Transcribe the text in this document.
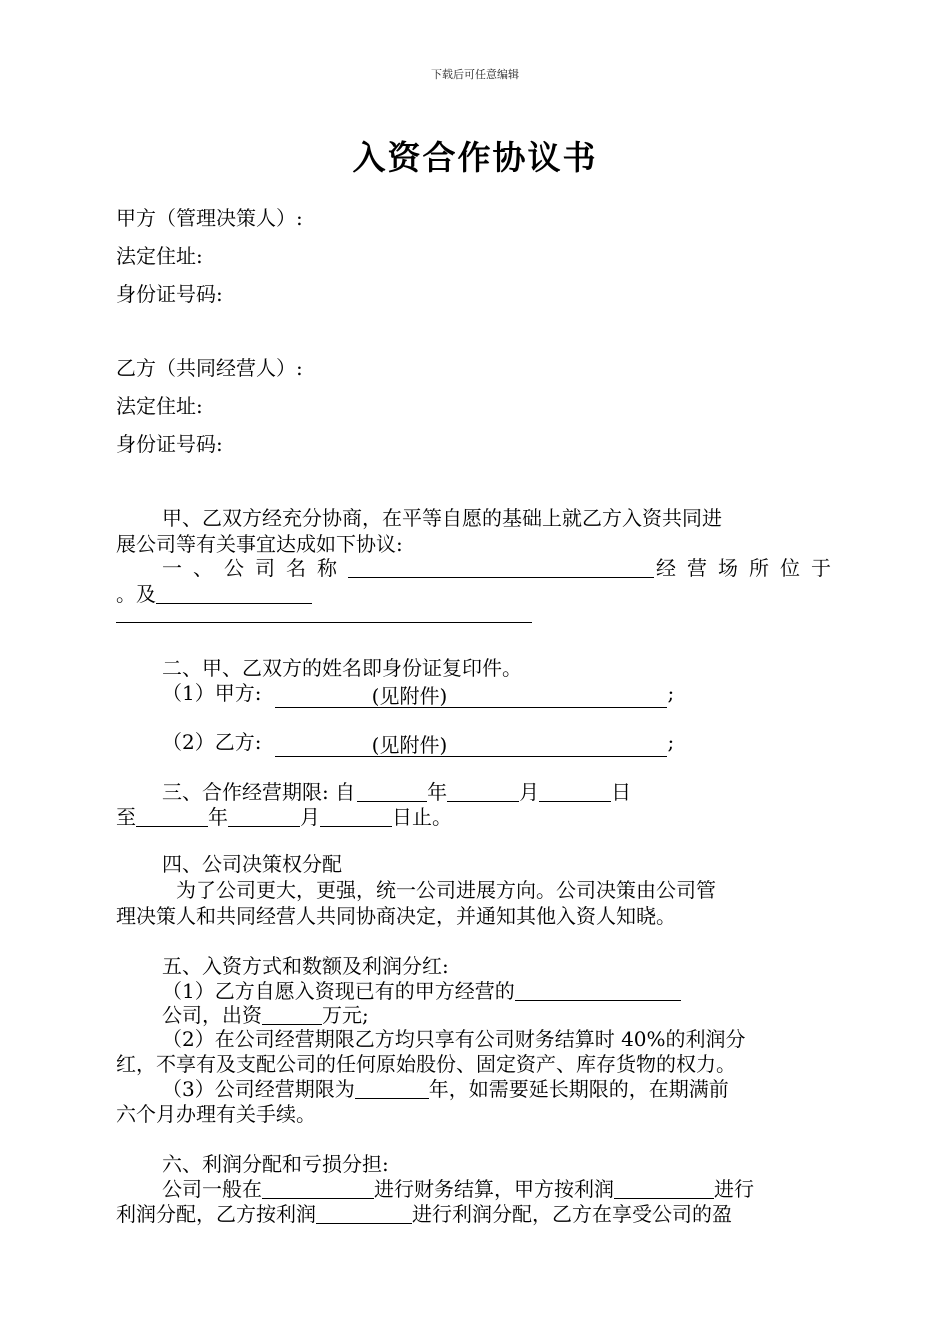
下载后可任意编辑
入资合作协议书
甲方（管理决策人）:
法定住址:
身份证号码:
乙方（共同经营人）:
法定住址:
身份证号码:
甲、乙双方经充分协商，在平等自愿的基础上就乙方入资共同进
展公司等有关事宜达成如下协议:
一、公司名称	经营场所位于
。及
二、甲、乙双方的姓名即身份证复印件。
（1）甲方:	(见附件)	;
（2）乙方:	(见附件)	;
三、合作经营期限: 自	年	月	日
至	年	月	日止。
四、公司决策权分配
为了公司更大，更强，统一公司进展方向。公司决策由公司管
理决策人和共同经营人共同协商决定，并通知其他入资人知晓。
五、入资方式和数额及利润分红:
（1）乙方自愿入资现已有的甲方经营的
公司，出资	万元;
（2）在公司经营期限乙方均只享有公司财务结算时 40%的利润分
红，不享有及支配公司的任何原始股份、固定资产、库存货物的权力。
（3）公司经营期限为	年，如需要延长期限的，在期满前
六个月办理有关手续。
六、利润分配和亏损分担:
公司一般在	进行财务结算，甲方按利润	进行
利润分配，乙方按利润	进行利润分配，乙方在享受公司的盈
